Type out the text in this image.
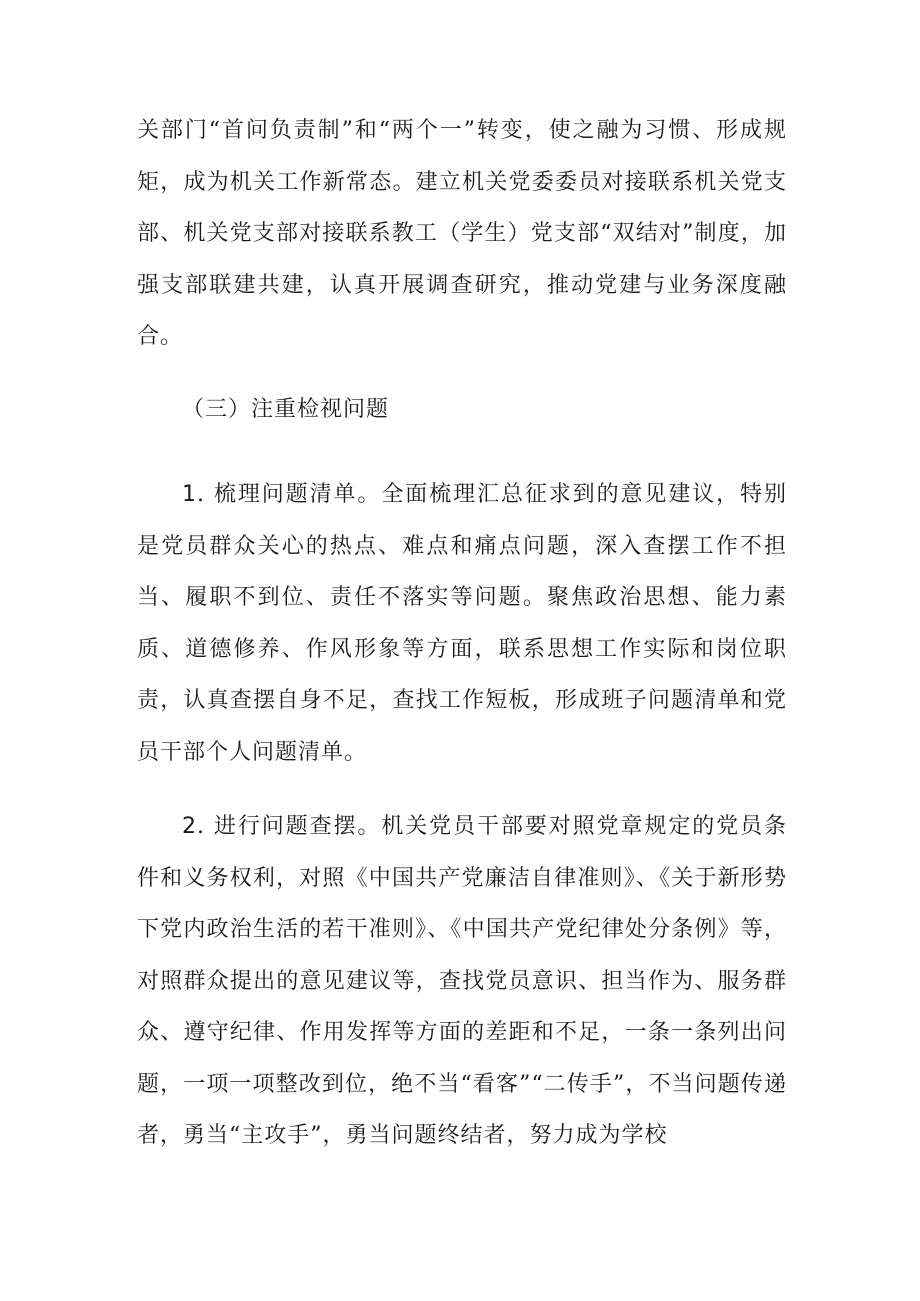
关部门“首问负责制”和“两个一”转变，使之融为习惯、形成规矩，成为机关工作新常态。建立机关党委委员对接联系机关党支部、机关党支部对接联系教工（学生）党支部“双结对”制度，加强支部联建共建，认真开展调查研究，推动党建与业务深度融合。

（三）注重检视问题

1. 梳理问题清单。全面梳理汇总征求到的意见建议，特别是党员群众关心的热点、难点和痛点问题，深入查摆工作不担当、履职不到位、责任不落实等问题。聚焦政治思想、能力素质、道德修养、作风形象等方面，联系思想工作实际和岗位职责，认真查摆自身不足，查找工作短板，形成班子问题清单和党员干部个人问题清单。

2. 进行问题查摆。机关党员干部要对照党章规定的党员条件和义务权利，对照《中国共产党廉洁自律准则》、《关于新形势下党内政治生活的若干准则》、《中国共产党纪律处分条例》等，对照群众提出的意见建议等，查找党员意识、担当作为、服务群众、遵守纪律、作用发挥等方面的差距和不足，一条一条列出问题，一项一项整改到位，绝不当“看客”“二传手”，不当问题传递者，勇当“主攻手”，勇当问题终结者，努力成为学校
